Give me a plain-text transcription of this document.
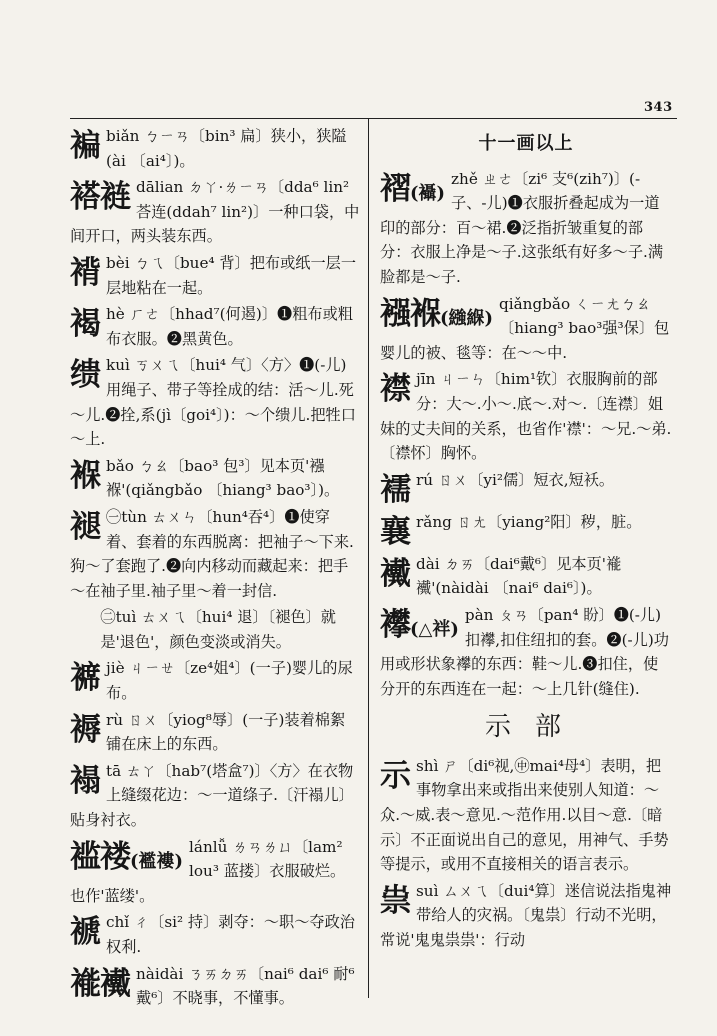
343
褊 biǎn ㄅㄧㄢ〔bin³ 扁〕狭小，狭隘(ài 〔ai⁴〕)。
褡裢 dālian ㄉㄚ·ㄌㄧㄢ〔dda⁶ lin²荅连(ddah⁷ lin²)〕一种口袋，中间开口，两头装东西。
褙 bèi ㄅㄟ〔bue⁴ 背〕把布或纸一层一层地粘在一起。
褐 hè ㄏㄜ〔hhad⁷(何遏)〕❶粗布或粗布衣服。❷黑黄色。
缋 kuì ㄎㄨㄟ〔hui⁴ 气〕〈方〉❶(-儿)用绳子、带子等拴成的结：活～儿.死～儿.❷拴,系(jì〔goi⁴〕)：～个缋儿.把牲口～上.
褓 bǎo ㄅㄠ〔bao³ 包³〕见本页'襁褓'(qiǎngbǎo 〔hiang³ bao³〕)。
褪 ㊀tùn ㄊㄨㄣ〔hun⁴吞⁴〕❶使穿着、套着的东西脱离：把袖子～下来.狗～了套跑了.❷向内移动而藏起来：把手～在袖子里.袖子里～着一封信.
㊁tuì ㄊㄨㄟ〔hui⁴ 退〕〔褪色〕就是'退色'，颜色变淡或消失。
褯 jiè ㄐㄧㄝ〔ze⁴姐⁴〕(一子)婴儿的尿布。
褥 rù ㄖㄨ〔yiog⁸辱〕(一子)装着棉絮铺在床上的东西。
褟 tā ㄊㄚ〔hab⁷(塔盒⁷)〕〈方〉在衣物上缝缀花边：～一道绦子.〔汗褟儿〕贴身衬衣。
褴褛(襤褸)
lánlǚ ㄌㄢㄌㄩ〔lam² lou³ 蓝搂〕衣服破烂。也作'蓝缕'。
褫 chǐ ㄔ〔si² 持〕剥夺：～职～夺政治权利.
褦襶 nàidài ㄋㄞㄉㄞ〔nai⁶ dai⁶ 耐⁶戴⁶〕不晓事，不懂事。
十一画以上
褶(襵)
zhě ㄓㄜ〔zi⁶ 支⁶(zih⁷)〕(-子、-儿)❶衣服折叠起成为一道印的部分：百～裙.❷泛指折皱重复的部分：衣服上净是～子.这张纸有好多～子.满脸都是～子.
襁褓(繈緥)
qiǎngbǎo ㄑㄧㄤㄅㄠ〔hiang³ bao³强³保〕包婴儿的被、毯等：在～～中.
襟 jīn ㄐㄧㄣ〔him¹钦〕衣服胸前的部分：大～.小～.底～.对～.〔连襟〕姐妹的丈夫间的关系，也省作'襟'：～兄.～弟.〔襟怀〕胸怀。
襦 rú ㄖㄨ〔yi²儒〕短衣,短袄。
襄 rǎng ㄖㄤ〔yiang²阳〕秽，脏。
襶 dài ㄉㄞ〔dai⁶戴⁶〕见本页'褦襶'(nàidài 〔nai⁶ dai⁶〕)。
襻(△袢)
pàn ㄆㄢ〔pan⁴ 盼〕❶(-儿)扣襻,扣住纽扣的套。❷(-儿)功用或形状象襻的东西：鞋～儿.❸扣住，使分开的东西连在一起：～上几针(缝住).
示部
示 shì ㄕ〔di⁶视,㊥mai⁴母⁴〕表明，把事物拿出来或指出来使别人知道：～众.～威.表～意见.～范作用.以目～意.〔暗示〕不正面说出自己的意见，用神气、手势等提示，或用不直接相关的语言表示。
祟 suì ㄙㄨㄟ〔dui⁴算〕迷信说法指鬼神带给人的灾祸。〔鬼祟〕行动不光明，常说'鬼鬼祟祟'：行动
